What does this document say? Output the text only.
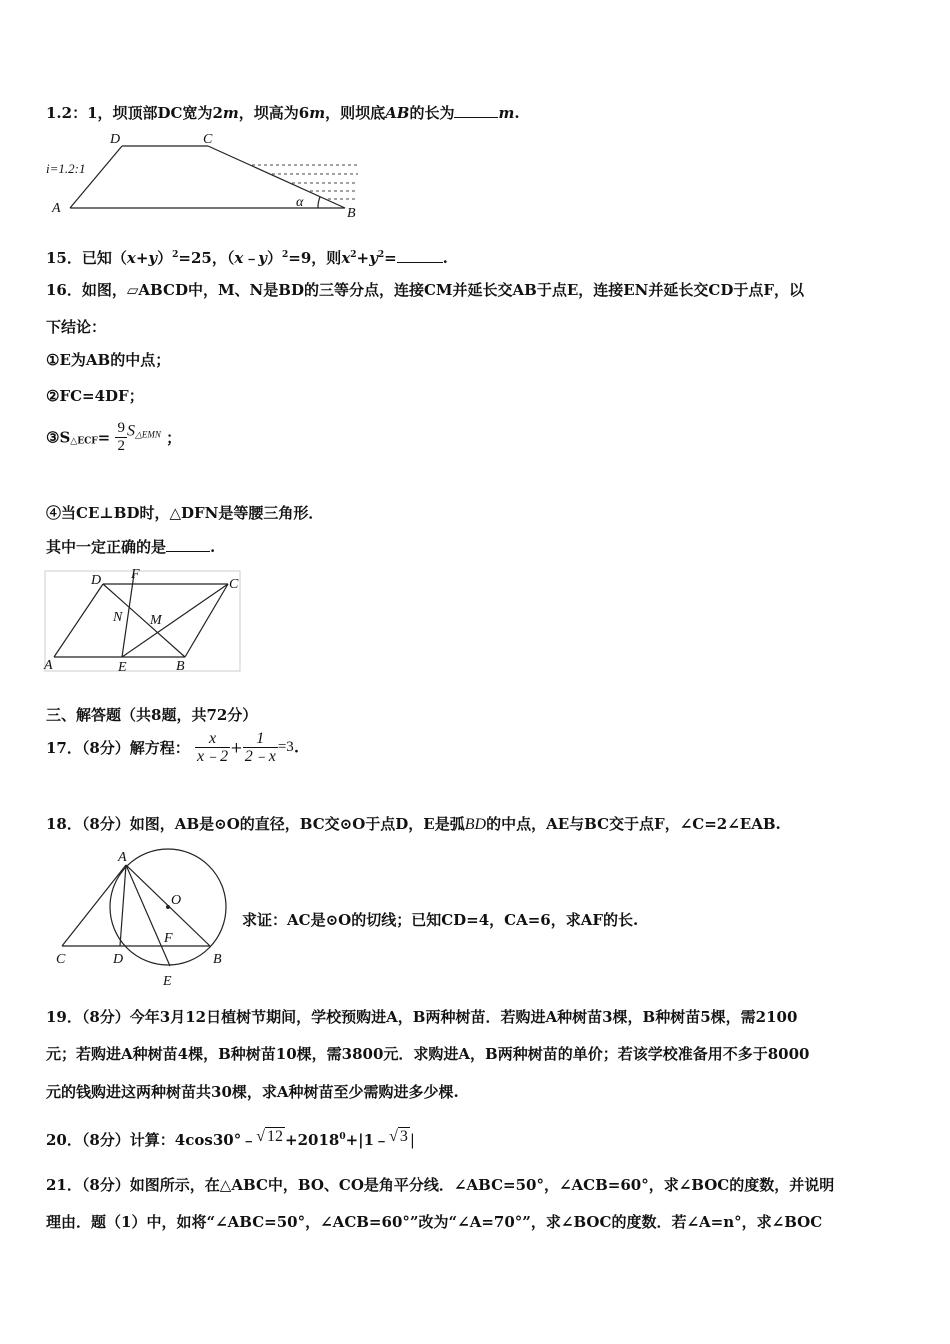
1.2：1，坝顶部DC宽为2m，坝高为6m，则坝底AB的长为	m.
D	C
A	B
α
i=1.2:1
15．已知$(x+y)^2=25$，（x﹣y）$^2$=9，则$x^2+y^2=$	.
16．如图，▱ABCD中，M、N是BD的三等分点，连接CM并延长交AB于点E，连接EN并延长交CD于点F，以
下结论：
①E为AB的中点；
②FC=4DF；
$③S_{\triangle ECF}= \frac{9}{2} S_{\triangle EMN}$ ；
④当CE⊥BD时，△DFN是等腰三角形．
其中一定正确的是	.
D F
C
N M
A	E	B
三、解答题（共8题，共72分）
17．（8分）解方程： $\frac{x}{x﹣2} + \frac{1}{2﹣x} =3$.
18．（8分）如图，AB是⊙O的直径，BC交⊙O于点D，E是弧BD的中点，AE与BC交于点F，∠C=2∠EAB.
A
O
F
C	D	B
E
求证：AC是⊙O的切线；已知CD=4，CA=6，求AF的长.
19．（8分）今年3月12日植树节期间，学校预购进A，B两种树苗．若购进A种树苗3棵，B种树苗5棵，需2100
元；若购进A种树苗4棵，B种树苗10棵，需3800元．求购进A，B两种树苗的单价；若该学校准备用不多于8000
元的钱购进这两种树苗共30棵，求A种树苗至少需购进多少棵.
20．（8分）计算：4cos30°﹣√ $12 +2018^0+|1﹣√$ 3 |
21．（8分）如图所示，在△ABC中，BO、CO是角平分线．∠ABC=50°，∠ACB=60°，求∠BOC的度数，并说明
理由．题（1）中，如将“∠ABC=50°，∠ACB=60°”改为“∠A=70°”，求∠BOC的度数．若∠A=n°，求∠BOC
